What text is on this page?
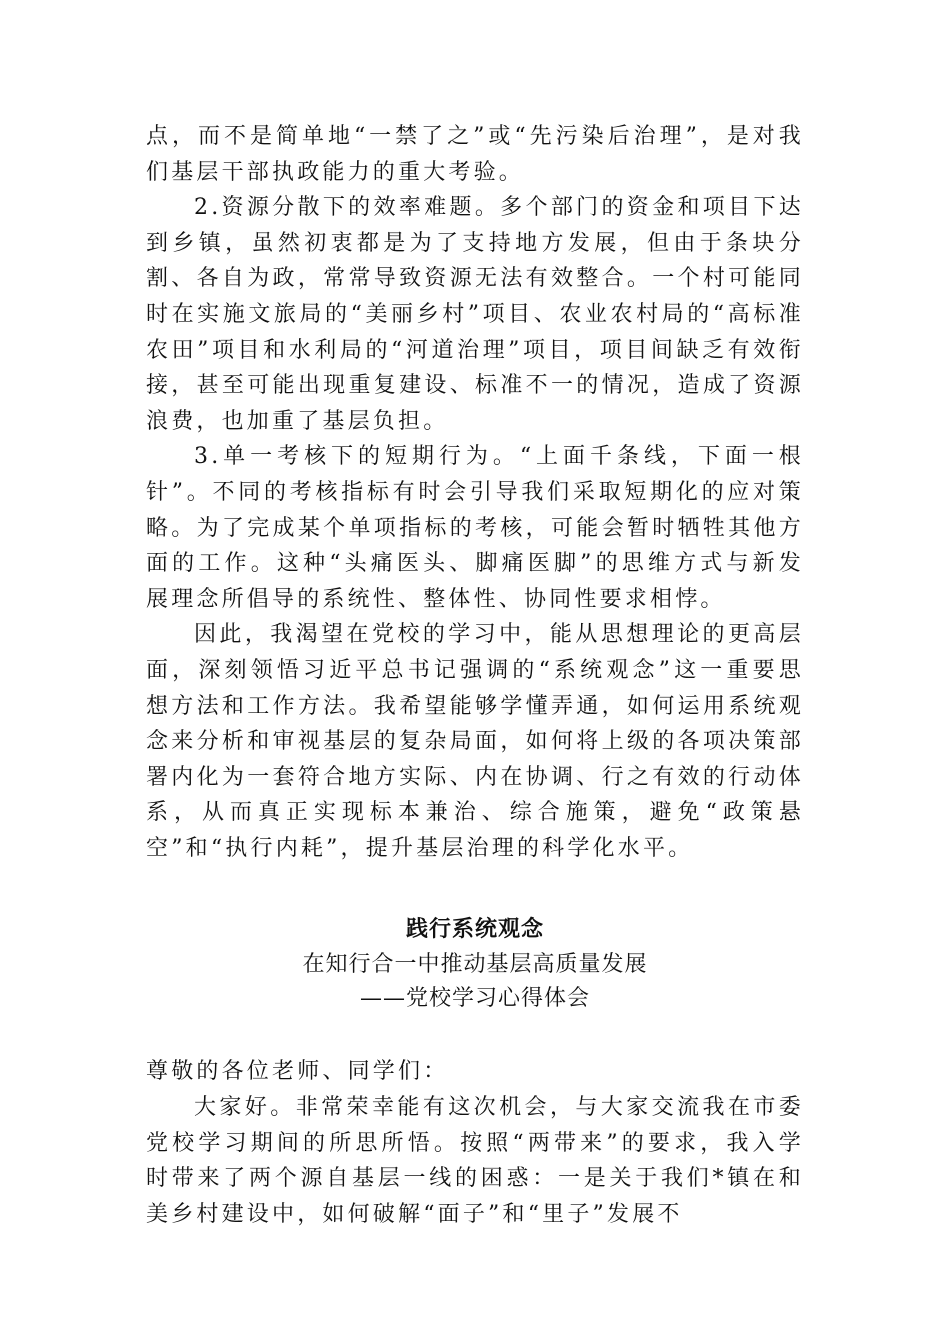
点，而不是简单地“一禁了之”或“先污染后治理”，是对我们基层干部执政能力的重大考验。

2.资源分散下的效率难题。多个部门的资金和项目下达到乡镇，虽然初衷都是为了支持地方发展，但由于条块分割、各自为政，常常导致资源无法有效整合。一个村可能同时在实施文旅局的“美丽乡村”项目、农业农村局的“高标准农田”项目和水利局的“河道治理”项目，项目间缺乏有效衔接，甚至可能出现重复建设、标准不一的情况，造成了资源浪费，也加重了基层负担。

3.单一考核下的短期行为。“上面千条线，下面一根针”。不同的考核指标有时会引导我们采取短期化的应对策略。为了完成某个单项指标的考核，可能会暂时牺牲其他方面的工作。这种“头痛医头、脚痛医脚”的思维方式与新发展理念所倡导的系统性、整体性、协同性要求相悖。

因此，我渴望在党校的学习中，能从思想理论的更高层面，深刻领悟习近平总书记强调的“系统观念”这一重要思想方法和工作方法。我希望能够学懂弄通，如何运用系统观念来分析和审视基层的复杂局面，如何将上级的各项决策部署内化为一套符合地方实际、内在协调、行之有效的行动体系，从而真正实现标本兼治、综合施策，避免“政策悬空”和“执行内耗”，提升基层治理的科学化水平。

践行系统观念

在知行合一中推动基层高质量发展

——党校学习心得体会

尊敬的各位老师、同学们：

大家好。非常荣幸能有这次机会，与大家交流我在市委党校学习期间的所思所悟。按照“两带来”的要求，我入学时带来了两个源自基层一线的困惑：一是关于我们*镇在和美乡村建设中，如何破解“面子”和“里子”发展不
